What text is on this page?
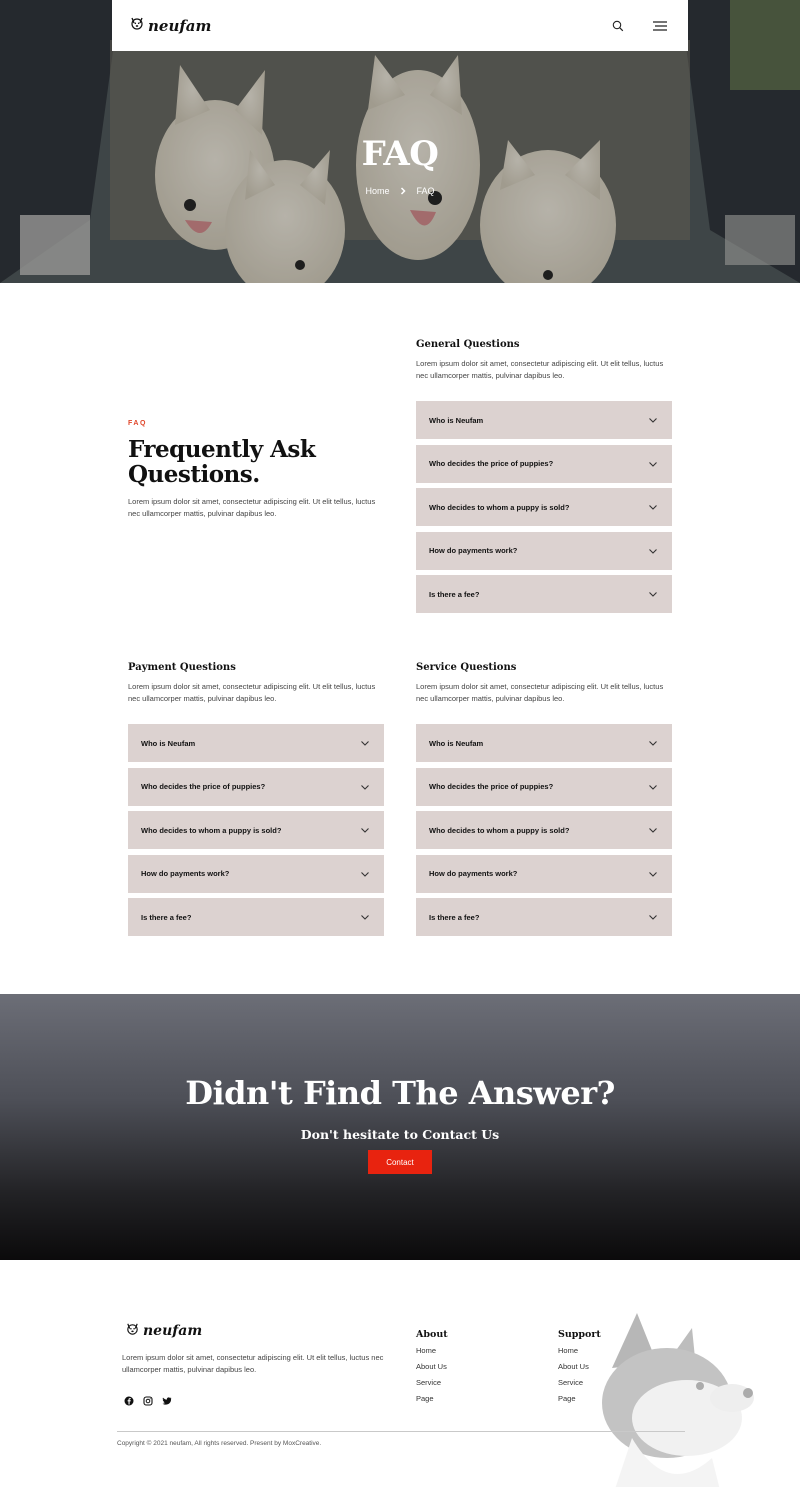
FAQ
Home	FAQ
neufam
FAQ
Frequently Ask Questions.

Lorem ipsum dolor sit amet, consectetur adipiscing elit. Ut elit tellus, luctus nec ullamcorper mattis, pulvinar dapibus leo.

General Questions

Lorem ipsum dolor sit amet, consectetur adipiscing elit. Ut elit tellus, luctus nec ullamcorper mattis, pulvinar dapibus leo.

Who is Neufam
Who decides the price of puppies?
Who decides to whom a puppy is sold?
How do payments work?
Is there a fee?
Payment Questions

Lorem ipsum dolor sit amet, consectetur adipiscing elit. Ut elit tellus, luctus nec ullamcorper mattis, pulvinar dapibus leo.

Who is Neufam
Who decides the price of puppies?
Who decides to whom a puppy is sold?
How do payments work?
Is there a fee?
Service Questions

Lorem ipsum dolor sit amet, consectetur adipiscing elit. Ut elit tellus, luctus nec ullamcorper mattis, pulvinar dapibus leo.

Who is Neufam
Who decides the price of puppies?
Who decides to whom a puppy is sold?
How do payments work?
Is there a fee?
Didn't Find The Answer?
Don't hesitate to Contact Us
Contact
neufam

Lorem ipsum dolor sit amet, consectetur adipiscing elit. Ut elit tellus, luctus nec ullamcorper mattis, pulvinar dapibus leo.

About
Home
About Us
Service
Page
Support
Home
About Us
Service
Page
Copyright © 2021 neufam, All rights reserved. Present by MoxCreative.
